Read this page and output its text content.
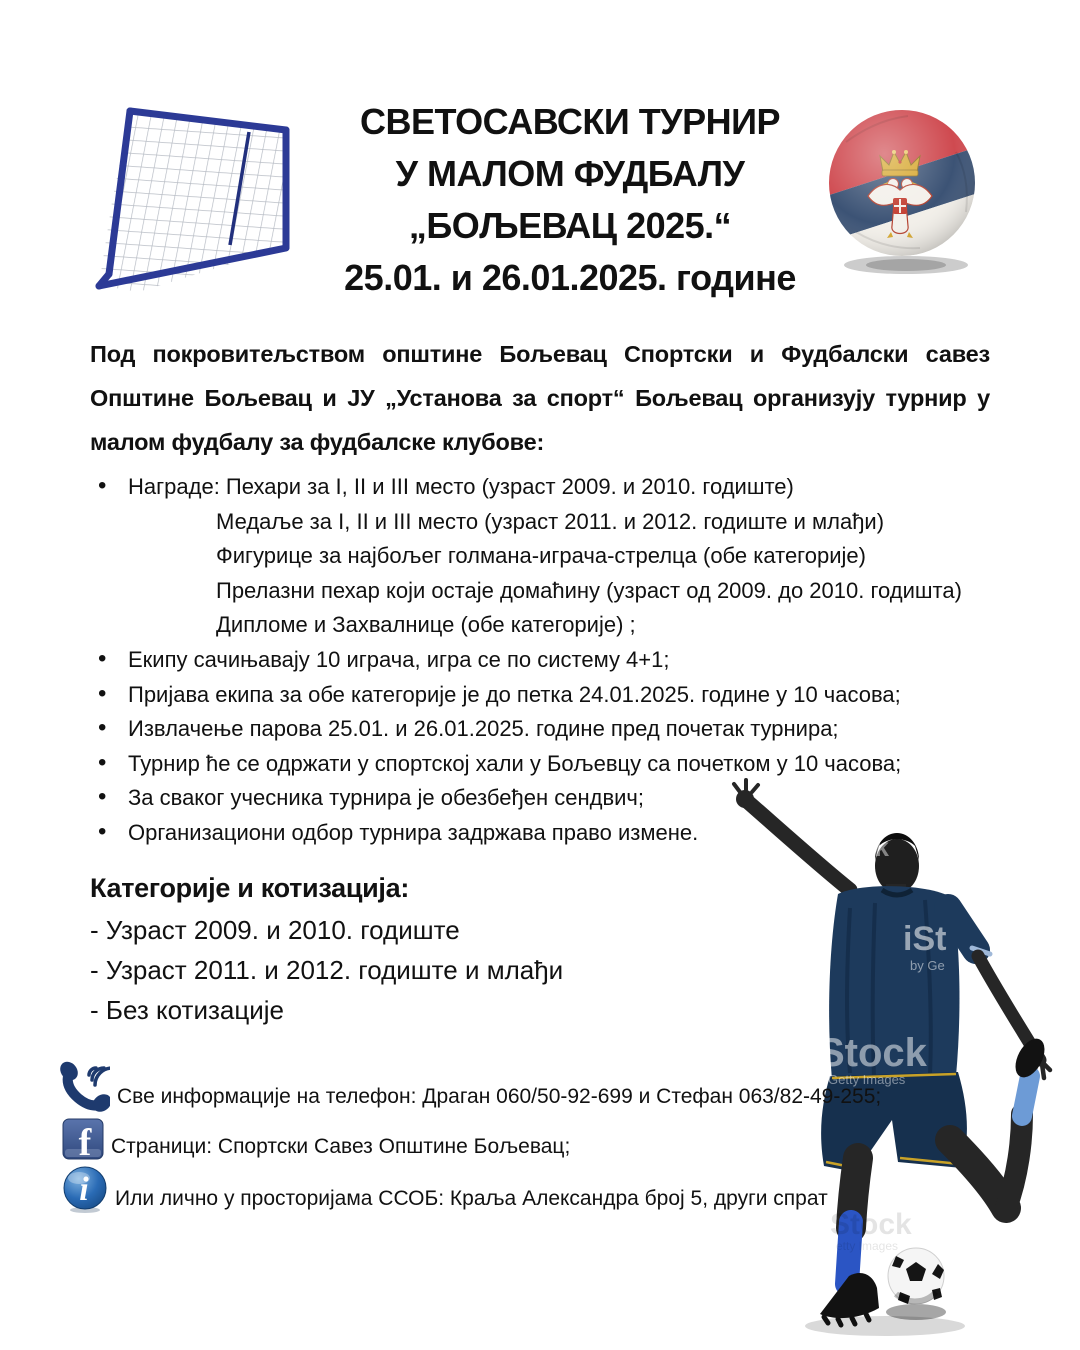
СВЕТОСАВСКИ ТУРНИР
У МАЛОМ ФУДБАЛУ
„БОЉЕВАЦ 2025.“
25.01. и 26.01.2025. године
Под покровитељством општине Бољевац Спортски и Фудбалски савез
Општине Бољевац и ЈУ „Установа за спорт“ Бољевац организују турнир у
малом фудбалу за фудбалске клубове:
• Награде: Пехари за I, II и III место (узраст 2009. и 2010. годиште)
Медаље за I, II и III место (узраст 2011. и 2012. годиште и млађи)
Фигурице за најбољег голмана-играча-стрелца (обе категорије)
Прелазни пехар који остаје домаћину (узраст од 2009. до 2010. годишта)
Дипломе и Захвалнице (обе категорије) ;
• Екипу сачињавају 10 играча, игра се по систему 4+1;
• Пријава екипа за обе категорије је до петка 24.01.2025. године у 10 часова;
• Извлачење парова 25.01. и 26.01.2025. године пред почетак турнира;
• Турнир ће се одржати у спортској хали у Бољевцу са почетком у 10 часова;
• За сваког учесника турнира је обезбеђен сендвич;
• Организациони одбор турнира задржава право измене.
Категорије и котизација:
- Узраст 2009. и 2010. годиште
- Узраст 2011. и 2012. годиште и млађи
- Без котизације
Све информације на телефон: Драган 060/50-92-699 и Стефан 063/82-49-255;
f Страници: Спортски Савез Општине Бољевац;
i Или лично у просторијама ССОБ: Краља Александра број 5, други спрат
ck
iSt
by Ge
Stock
Getty Images
Stock
etty Images
